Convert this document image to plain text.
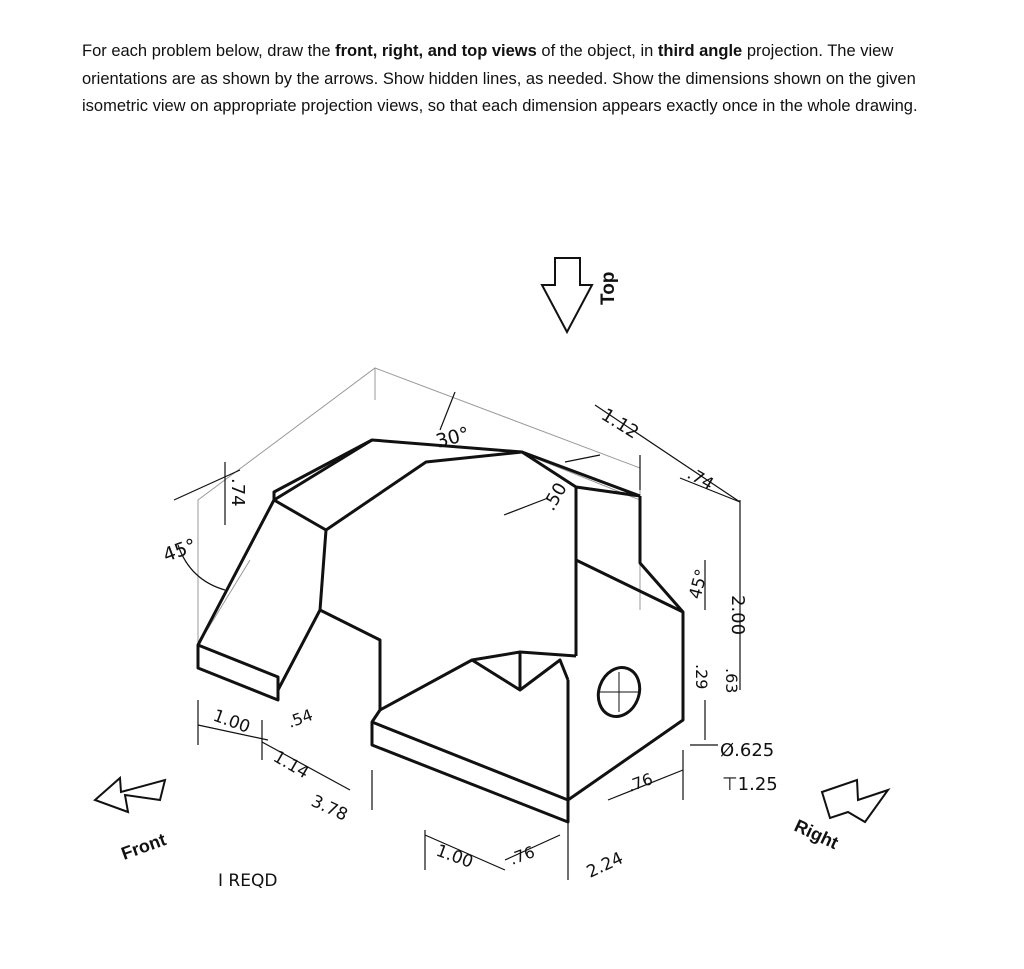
For each problem below, draw the front, right, and top views of the object, in third angle projection. The view orientations are as shown by the arrows. Show hidden lines, as needed. Show the dimensions shown on the given isometric view on appropriate projection views, so that each dimension appears exactly once in the whole drawing.

Top
Front	Right
30°
45°
45°
.74	.50
1.12
.74
2.00
.29 .63
1.00 .54
1.14
3.78
1.00 .76	2.24
.76
Ø.625
⊤1.25
I REQD
